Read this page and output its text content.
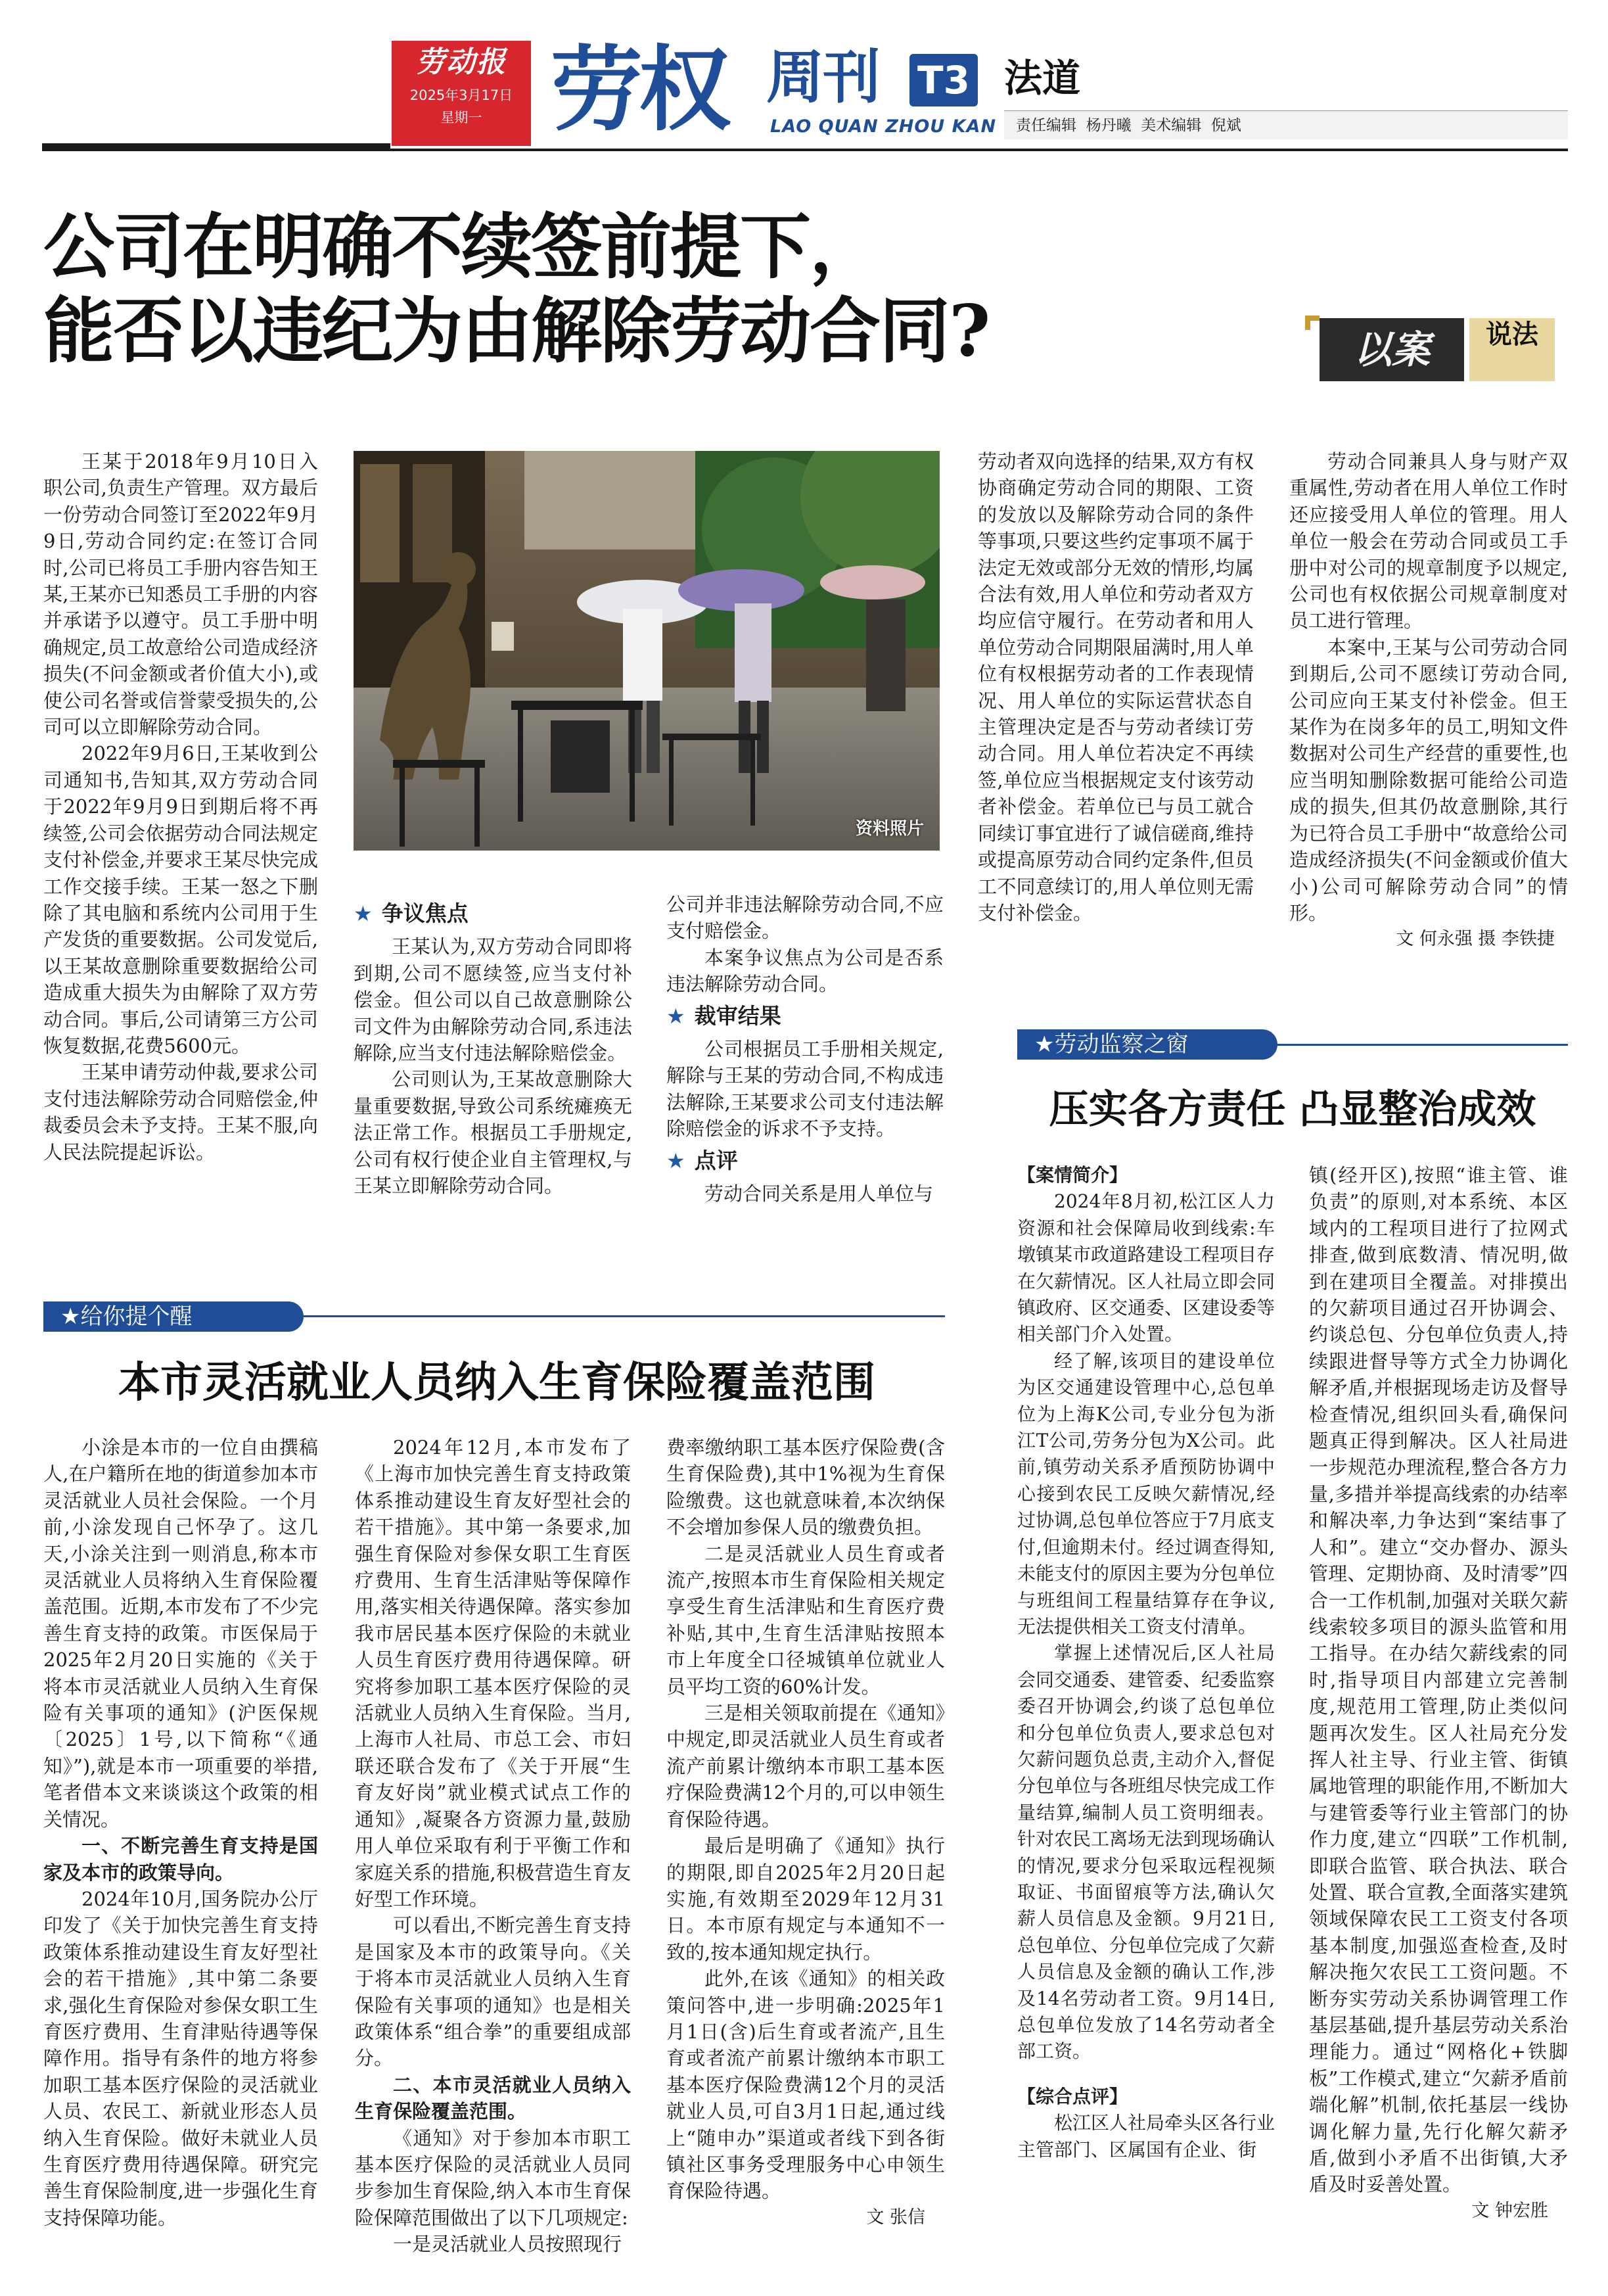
劳动报
2025年3月17日
星期一 劳权 周刊 T3
LAO QUAN ZHOU KAN
法道
责任编辑  杨丹曦  美术编辑  倪斌
公司在明确不续签前提下，
能否以违纪为由解除劳动合同?	以案	说法

王某于2018年9月10日入职公司,负责生产管理。双方最后一份劳动合同签订至2022年9月9日,劳动合同约定:在签订合同时,公司已将员工手册内容告知王某,王某亦已知悉员工手册的内容并承诺予以遵守。员工手册中明确规定,员工故意给公司造成经济损失(不问金额或者价值大小),或使公司名誉或信誉蒙受损失的,公司可以立即解除劳动合同。

2022年9月6日,王某收到公司通知书,告知其,双方劳动合同于2022年9月9日到期后将不再续签,公司会依据劳动合同法规定支付补偿金,并要求王某尽快完成工作交接手续。王某一怒之下删除了其电脑和系统内公司用于生产发货的重要数据。公司发觉后,以王某故意删除重要数据给公司造成重大损失为由解除了双方劳动合同。事后,公司请第三方公司恢复数据,花费5600元。

王某申请劳动仲裁,要求公司支付违法解除劳动合同赔偿金,仲裁委员会未予支持。王某不服,向人民法院提起诉讼。

资料照片
★ 争议焦点

王某认为,双方劳动合同即将到期,公司不愿续签,应当支付补偿金。但公司以自己故意删除公司文件为由解除劳动合同,系违法解除,应当支付违法解除赔偿金。

公司则认为,王某故意删除大量重要数据,导致公司系统瘫痪无法正常工作。根据员工手册规定,公司有权行使企业自主管理权,与王某立即解除劳动合同。

公司并非违法解除劳动合同,不应支付赔偿金。

本案争议焦点为公司是否系违法解除劳动合同。

★ 裁审结果

公司根据员工手册相关规定,解除与王某的劳动合同,不构成违法解除,王某要求公司支付违法解除赔偿金的诉求不予支持。

★ 点评

劳动合同关系是用人单位与

劳动者双向选择的结果,双方有权协商确定劳动合同的期限、工资的发放以及解除劳动合同的条件等事项,只要这些约定事项不属于法定无效或部分无效的情形,均属合法有效,用人单位和劳动者双方均应信守履行。在劳动者和用人单位劳动合同期限届满时,用人单位有权根据劳动者的工作表现情况、用人单位的实际运营状态自主管理决定是否与劳动者续订劳动合同。用人单位若决定不再续签,单位应当根据规定支付该劳动者补偿金。若单位已与员工就合同续订事宜进行了诚信磋商,维持或提高原劳动合同约定条件,但员工不同意续订的,用人单位则无需支付补偿金。

劳动合同兼具人身与财产双重属性,劳动者在用人单位工作时还应接受用人单位的管理。用人单位一般会在劳动合同或员工手册中对公司的规章制度予以规定,公司也有权依据公司规章制度对员工进行管理。

本案中,王某与公司劳动合同到期后,公司不愿续订劳动合同,公司应向王某支付补偿金。但王某作为在岗多年的员工,明知文件数据对公司生产经营的重要性,也应当明知删除数据可能给公司造成的损失,但其仍故意删除,其行为已符合员工手册中“故意给公司造成经济损失(不问金额或价值大小)公司可解除劳动合同”的情形。

文 何永强 摄 李铁捷

★给你提个醒
本市灵活就业人员纳入生育保险覆盖范围

小涂是本市的一位自由撰稿人,在户籍所在地的街道参加本市灵活就业人员社会保险。一个月前,小涂发现自己怀孕了。这几天,小涂关注到一则消息,称本市灵活就业人员将纳入生育保险覆盖范围。近期,本市发布了不少完善生育支持的政策。市医保局于2025年2月20日实施的《关于将本市灵活就业人员纳入生育保险有关事项的通知》(沪医保规〔2025〕1号,以下简称“《通知》”),就是本市一项重要的举措,笔者借本文来谈谈这个政策的相关情况。

一、不断完善生育支持是国家及本市的政策导向。

2024年10月,国务院办公厅印发了《关于加快完善生育支持政策体系推动建设生育友好型社会的若干措施》,其中第二条要求,强化生育保险对参保女职工生育医疗费用、生育津贴待遇等保障作用。指导有条件的地方将参加职工基本医疗保险的灵活就业人员、农民工、新就业形态人员纳入生育保险。做好未就业人员生育医疗费用待遇保障。研究完善生育保险制度,进一步强化生育支持保障功能。

2024年12月,本市发布了《上海市加快完善生育支持政策体系推动建设生育友好型社会的若干措施》。其中第一条要求,加强生育保险对参保女职工生育医疗费用、生育生活津贴等保障作用,落实相关待遇保障。落实参加我市居民基本医疗保险的未就业人员生育医疗费用待遇保障。研究将参加职工基本医疗保险的灵活就业人员纳入生育保险。当月,上海市人社局、市总工会、市妇联还联合发布了《关于开展“生育友好岗”就业模式试点工作的通知》,凝聚各方资源力量,鼓励用人单位采取有利于平衡工作和家庭关系的措施,积极营造生育友好型工作环境。

可以看出,不断完善生育支持是国家及本市的政策导向。《关于将本市灵活就业人员纳入生育保险有关事项的通知》也是相关政策体系“组合拳”的重要组成部分。

二、本市灵活就业人员纳入生育保险覆盖范围。

《通知》对于参加本市职工基本医疗保险的灵活就业人员同步参加生育保险,纳入本市生育保险保障范围做出了以下几项规定:

一是灵活就业人员按照现行

费率缴纳职工基本医疗保险费(含生育保险费),其中1%视为生育保险缴费。这也就意味着,本次纳保不会增加参保人员的缴费负担。

二是灵活就业人员生育或者流产,按照本市生育保险相关规定享受生育生活津贴和生育医疗费补贴,其中,生育生活津贴按照本市上年度全口径城镇单位就业人员平均工资的60%计发。

三是相关领取前提在《通知》中规定,即灵活就业人员生育或者流产前累计缴纳本市职工基本医疗保险费满12个月的,可以申领生育保险待遇。

最后是明确了《通知》执行的期限,即自2025年2月20日起实施,有效期至2029年12月31日。本市原有规定与本通知不一致的,按本通知规定执行。

此外,在该《通知》的相关政策问答中,进一步明确:2025年1月1日(含)后生育或者流产,且生育或者流产前累计缴纳本市职工基本医疗保险费满12个月的灵活就业人员,可自3月1日起,通过线上“随申办”渠道或者线下到各街镇社区事务受理服务中心申领生育保险待遇。

文 张信

★劳动监察之窗
压实各方责任 凸显整治成效

【案情简介】

2024年8月初,松江区人力资源和社会保障局收到线索:车墩镇某市政道路建设工程项目存在欠薪情况。区人社局立即会同镇政府、区交通委、区建设委等相关部门介入处置。

经了解,该项目的建设单位为区交通建设管理中心,总包单位为上海K公司,专业分包为浙江T公司,劳务分包为X公司。此前,镇劳动关系矛盾预防协调中心接到农民工反映欠薪情况,经过协调,总包单位答应于7月底支付,但逾期未付。经过调查得知,未能支付的原因主要为分包单位与班组间工程量结算存在争议,无法提供相关工资支付清单。

掌握上述情况后,区人社局会同交通委、建管委、纪委监察委召开协调会,约谈了总包单位和分包单位负责人,要求总包对欠薪问题负总责,主动介入,督促分包单位与各班组尽快完成工作量结算,编制人员工资明细表。针对农民工离场无法到现场确认的情况,要求分包采取远程视频取证、书面留痕等方法,确认欠薪人员信息及金额。9月21日,总包单位、分包单位完成了欠薪人员信息及金额的确认工作,涉及14名劳动者工资。9月14日,总包单位发放了14名劳动者全部工资。

【综合点评】

松江区人社局牵头区各行业主管部门、区属国有企业、街

镇(经开区),按照“谁主管、谁负责”的原则,对本系统、本区域内的工程项目进行了拉网式排查,做到底数清、情况明,做到在建项目全覆盖。对排摸出的欠薪项目通过召开协调会、约谈总包、分包单位负责人,持续跟进督导等方式全力协调化解矛盾,并根据现场走访及督导检查情况,组织回头看,确保问题真正得到解决。区人社局进一步规范办理流程,整合各方力量,多措并举提高线索的办结率和解决率,力争达到“案结事了人和”。建立“交办督办、源头管理、定期协商、及时清零”四合一工作机制,加强对关联欠薪线索较多项目的源头监管和用工指导。在办结欠薪线索的同时,指导项目内部建立完善制度,规范用工管理,防止类似问题再次发生。区人社局充分发挥人社主导、行业主管、街镇属地管理的职能作用,不断加大与建管委等行业主管部门的协作力度,建立“四联”工作机制,即联合监管、联合执法、联合处置、联合宣教,全面落实建筑领域保障农民工工资支付各项基本制度,加强巡查检查,及时解决拖欠农民工工资问题。不断夯实劳动关系协调管理工作基层基础,提升基层劳动关系治理能力。通过“网格化+铁脚板”工作模式,建立“欠薪矛盾前端化解”机制,依托基层一线协调化解力量,先行化解欠薪矛盾,做到小矛盾不出街镇,大矛盾及时妥善处置。

文 钟宏胜
